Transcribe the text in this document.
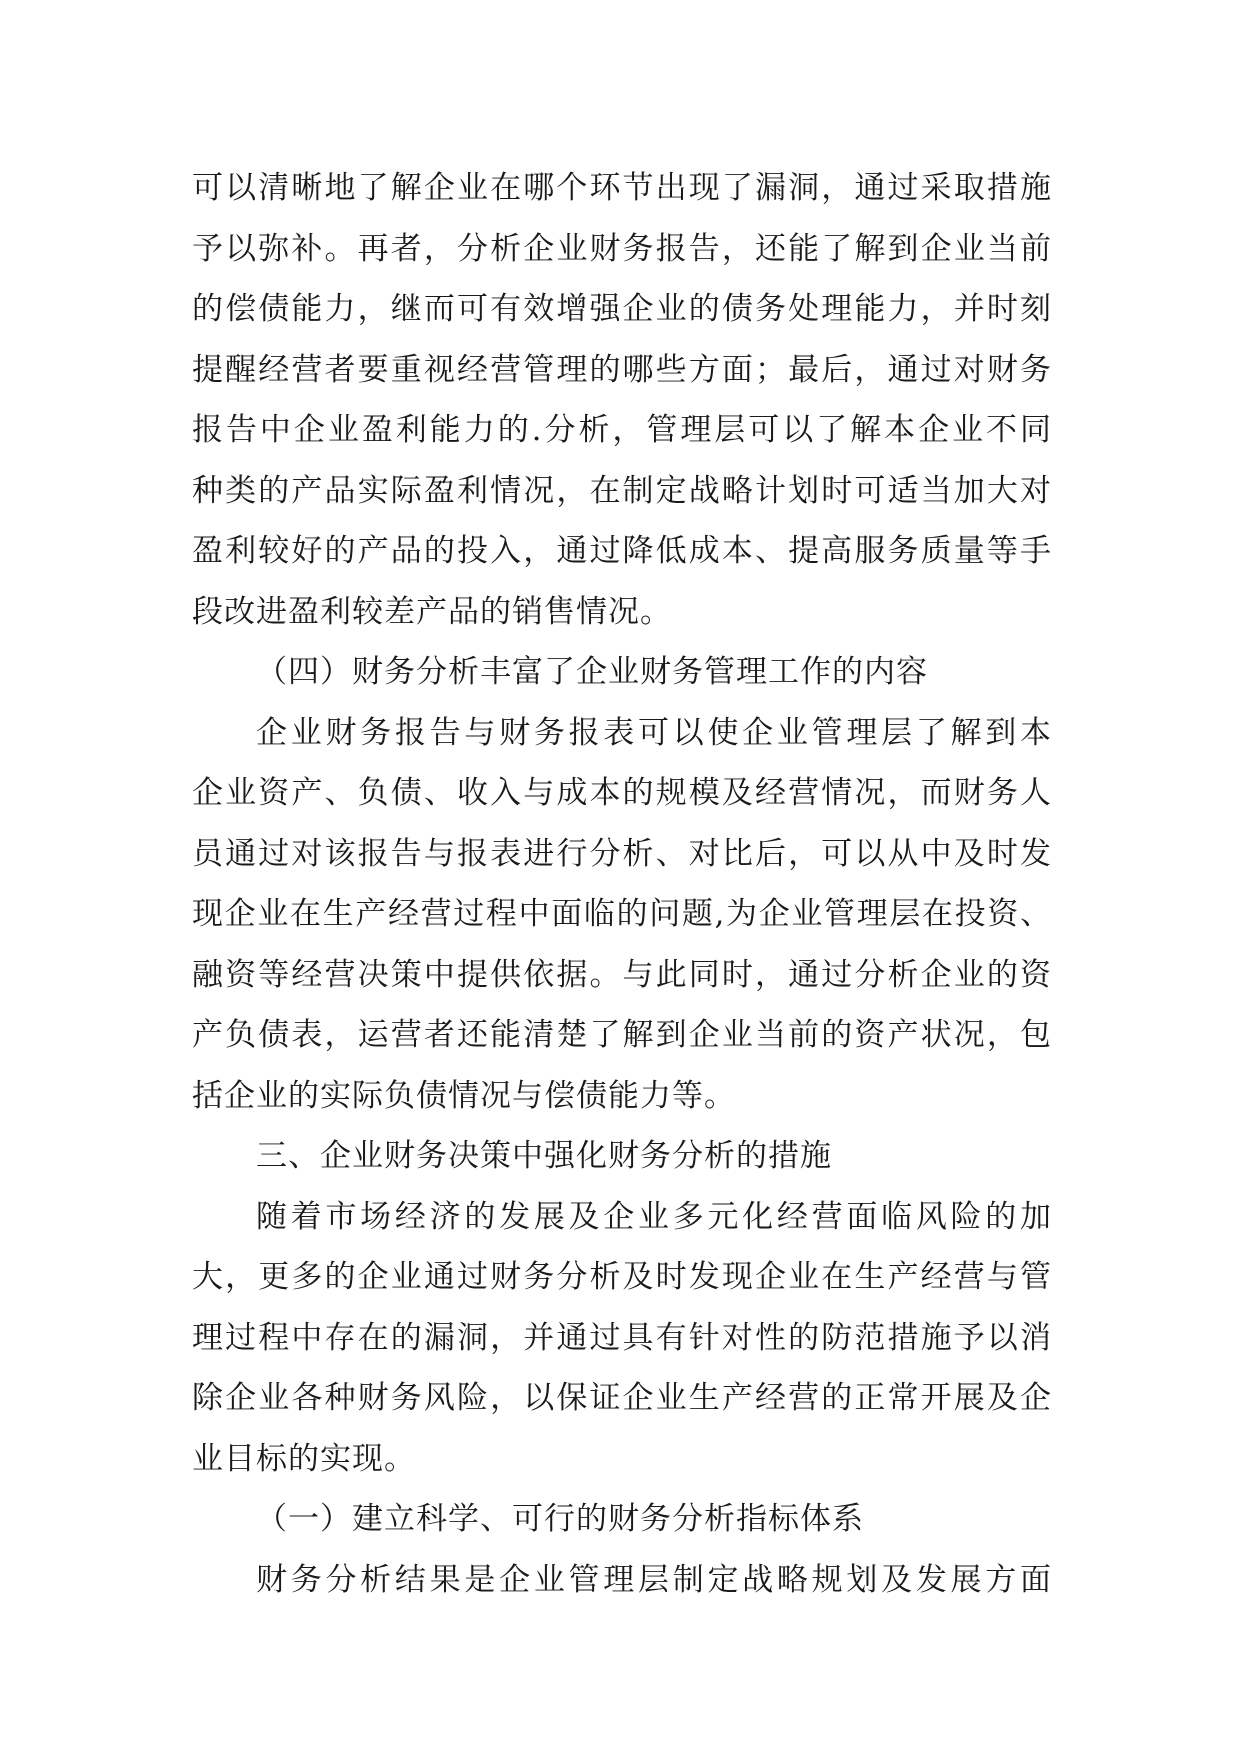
可以清晰地了解企业在哪个环节出现了漏洞，通过采取措施
予以弥补。再者，分析企业财务报告，还能了解到企业当前
的偿债能力，继而可有效增强企业的债务处理能力，并时刻
提醒经营者要重视经营管理的哪些方面；最后，通过对财务
报告中企业盈利能力的.分析，管理层可以了解本企业不同
种类的产品实际盈利情况，在制定战略计划时可适当加大对
盈利较好的产品的投入，通过降低成本、提高服务质量等手
段改进盈利较差产品的销售情况。
（四）财务分析丰富了企业财务管理工作的内容
企业财务报告与财务报表可以使企业管理层了解到本
企业资产、负债、收入与成本的规模及经营情况，而财务人
员通过对该报告与报表进行分析、对比后，可以从中及时发
现企业在生产经营过程中面临的问题,为企业管理层在投资、
融资等经营决策中提供依据。与此同时，通过分析企业的资
产负债表，运营者还能清楚了解到企业当前的资产状况，包
括企业的实际负债情况与偿债能力等。
三、企业财务决策中强化财务分析的措施
随着市场经济的发展及企业多元化经营面临风险的加
大，更多的企业通过财务分析及时发现企业在生产经营与管
理过程中存在的漏洞，并通过具有针对性的防范措施予以消
除企业各种财务风险，以保证企业生产经营的正常开展及企
业目标的实现。
（一）建立科学、可行的财务分析指标体系
财务分析结果是企业管理层制定战略规划及发展方面
